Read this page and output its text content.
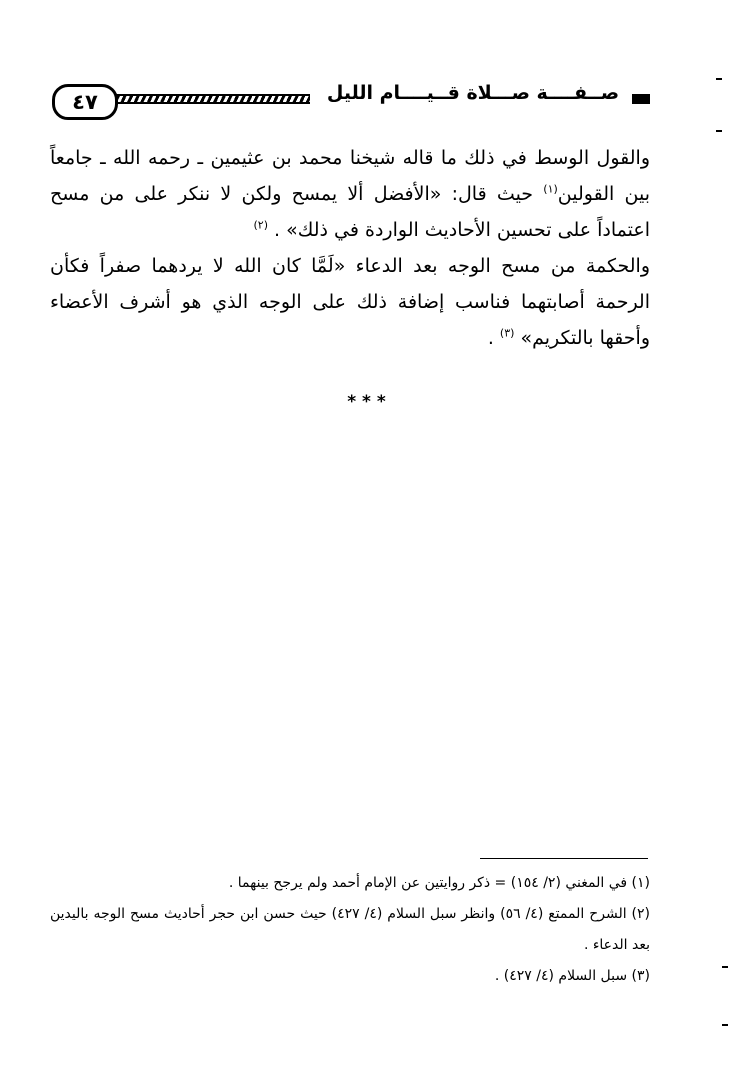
٤٧	صــفــــة صـــلاة قــيــــام الليل

والقول الوسط في ذلك ما قاله شيخنا محمد بن عثيمين ـ رحمه الله ـ جامعاً بين القولين$^{(١)}$ حيث قال: «الأفضل ألا يمسح ولكن لا ننكر على من مسح اعتماداً على تحسين الأحاديث الواردة في ذلك» . $^{(٢)}$

والحكمة من مسح الوجه بعد الدعاء «لَمَّا كان الله لا يردهما صفراً فكأن الرحمة أصابتهما فناسب إضافة ذلك على الوجه الذي هو أشرف الأعضاء وأحقها بالتكريم» $^{(٣)}$ .

* * *

(١) في المغني (٢/ ١٥٤) = ذكر روايتين عن الإمام أحمد ولم يرجح بينهما .

(٢) الشرح الممتع (٤/ ٥٦) وانظر سبل السلام (٤/ ٤٢٧) حيث حسن ابن حجر أحاديث مسح الوجه باليدين بعد الدعاء .

(٣) سبل السلام (٤/ ٤٢٧) .
